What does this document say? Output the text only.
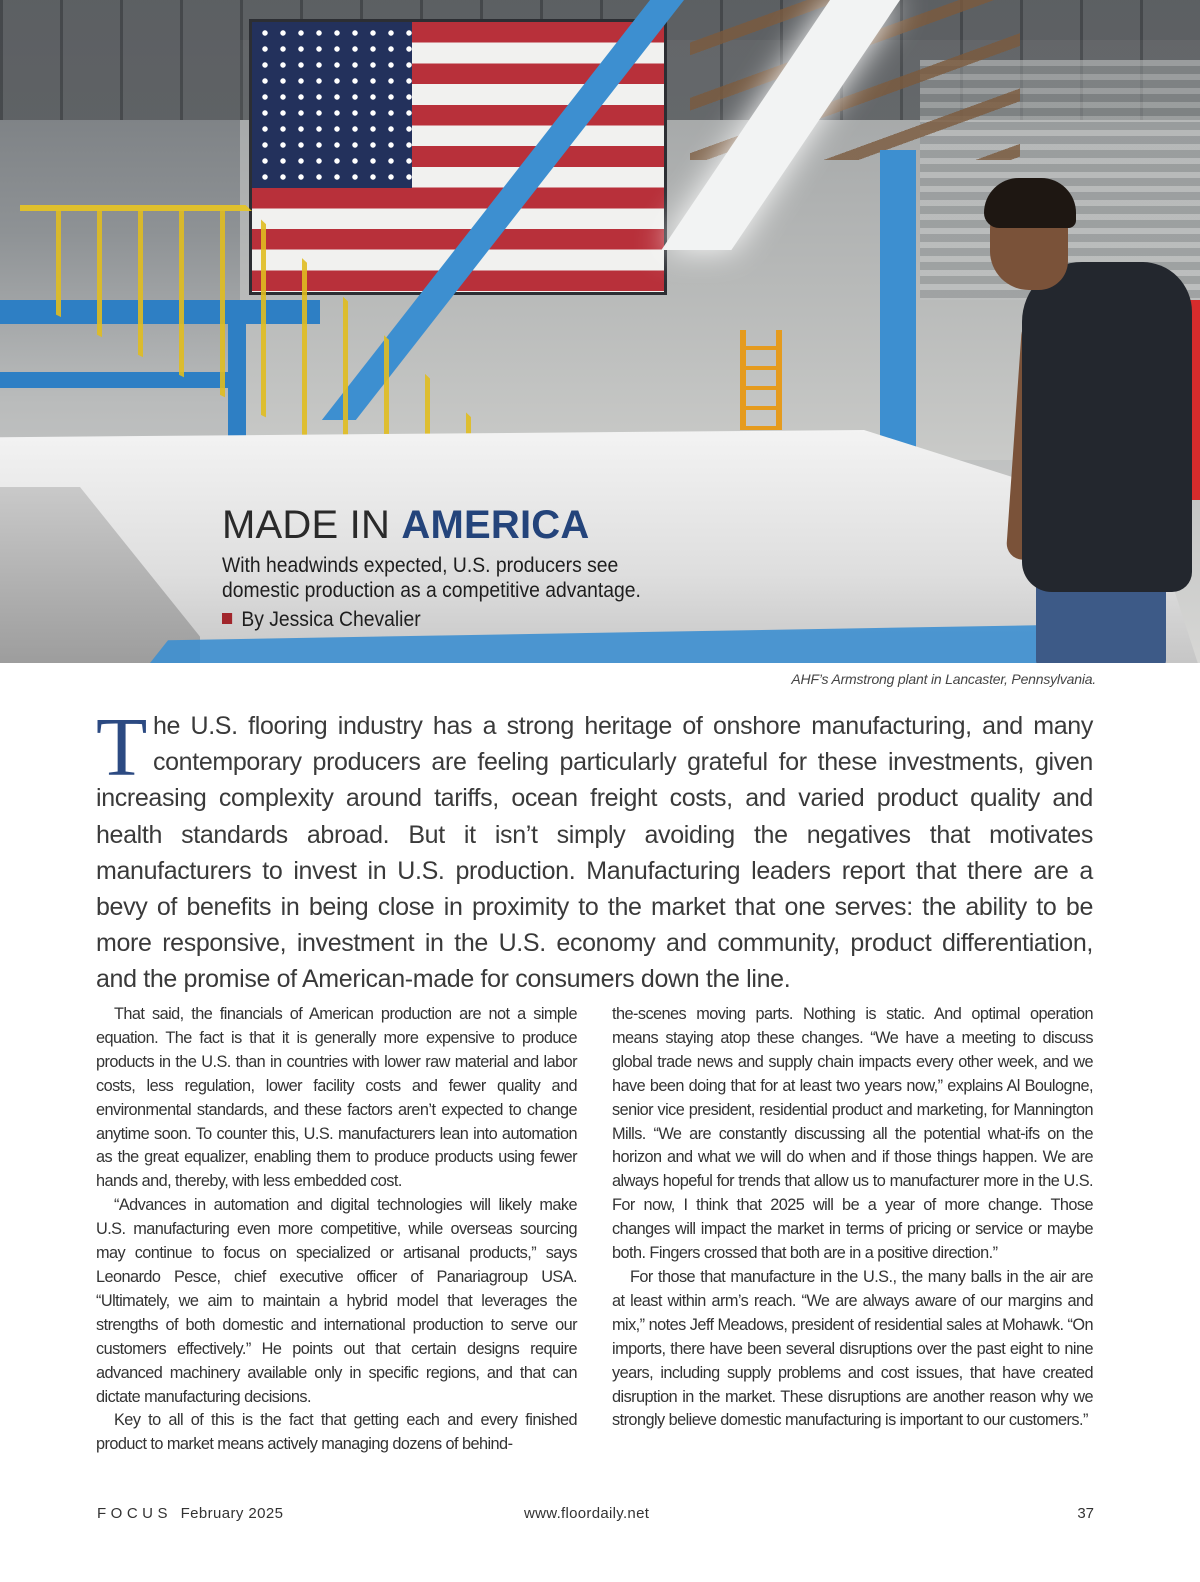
MADE IN AMERICA
With headwinds expected, U.S. producers see domestic production as a competitive advantage.
By Jessica Chevalier
AHF’s Armstrong plant in Lancaster, Pennsylvania.
The U.S. flooring industry has a strong heritage of onshore manufacturing, and many contemporary producers are feeling particularly grateful for these investments, given increasing complexity around tariffs, ocean freight costs, and varied product quality and health standards abroad. But it isn’t simply avoiding the negatives that motivates manufacturers to invest in U.S. production. Manufacturing leaders report that there are a bevy of benefits in being close in proximity to the market that one serves: the ability to be more responsive, investment in the U.S. economy and community, product differentiation, and the promise of American-made for consumers down the line.

That said, the financials of American production are not a simple equation. The fact is that it is generally more expensive to produce products in the U.S. than in countries with lower raw material and labor costs, less regulation, lower facility costs and fewer quality and environmental standards, and these factors aren’t expected to change anytime soon. To counter this, U.S. manufacturers lean into automation as the great equalizer, enabling them to produce products using fewer hands and, thereby, with less embedded cost.

“Advances in automation and digital technologies will likely make U.S. manufacturing even more competitive, while overseas sourcing may continue to focus on specialized or artisanal products,” says Leonardo Pesce, chief executive officer of Panariagroup USA. “Ultimately, we aim to maintain a hybrid model that leverages the strengths of both domestic and international production to serve our customers effectively.” He points out that certain designs require advanced machinery available only in specific regions, and that can dictate manufacturing decisions.

Key to all of this is the fact that getting each and every finished product to market means actively managing dozens of behind-

the-scenes moving parts. Nothing is static. And optimal operation means staying atop these changes. “We have a meeting to discuss global trade news and supply chain impacts every other week, and we have been doing that for at least two years now,” explains Al Boulogne, senior vice president, residential product and marketing, for Mannington Mills. “We are constantly discussing all the potential what-ifs on the horizon and what we will do when and if those things happen. We are always hopeful for trends that allow us to manufacturer more in the U.S. For now, I think that 2025 will be a year of more change. Those changes will impact the market in terms of pricing or service or maybe both. Fingers crossed that both are in a positive direction.”

For those that manufacture in the U.S., the many balls in the air are at least within arm’s reach. “We are always aware of our margins and mix,” notes Jeff Meadows, president of residential sales at Mohawk. “On imports, there have been several disruptions over the past eight to nine years, including supply problems and cost issues, that have created disruption in the market. These disruptions are another reason why we strongly believe domestic manufacturing is important to our customers.”

FOCUS February 2025	www.floordaily.net	37
